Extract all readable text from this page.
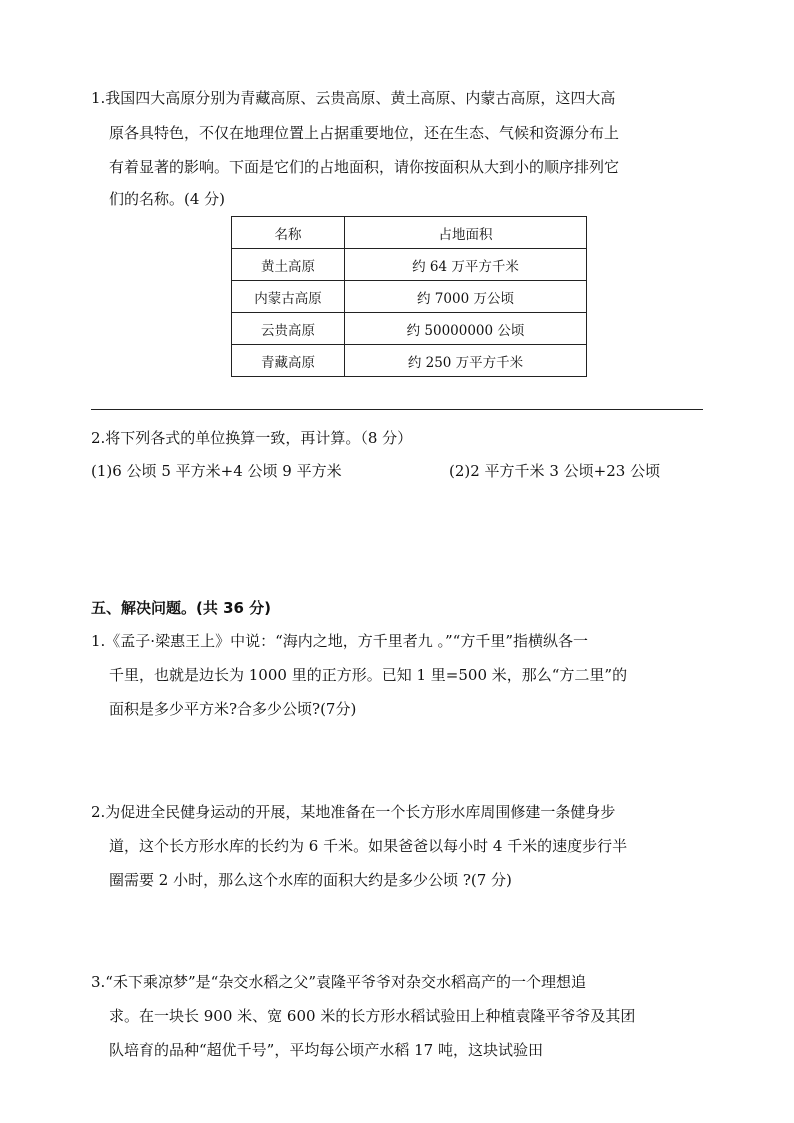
1.我国四大高原分别为青藏高原、云贵高原、黄土高原、内蒙古高原，这四大高
原各具特色，不仅在地理位置上占据重要地位，还在生态、气候和资源分布上
有着显著的影响。下面是它们的占地面积，请你按面积从大到小的顺序排列它
们的名称。(4 分)
名称	占地面积
黄土高原	约 64 万平方千米
内蒙古高原	约 7000 万公顷
云贵高原	约 50000000 公顷
青藏高原	约 250 万平方千米
2.将下列各式的单位换算一致，再计算。（8 分）
(1)6 公顷 5 平方米+4 公顷 9 平方米	(2)2 平方千米 3 公顷+23 公顷
五、解决问题。(共 36 分)
1.《孟子·梁惠王上》中说：“海内之地，方千里者九 。”“方千里”指横纵各一
千里，也就是边长为 1000 里的正方形。已知 1 里=500 米，那么“方二里”的
面积是多少平方米?合多少公顷?(7分)
2.为促进全民健身运动的开展，某地准备在一个长方形水库周围修建一条健身步
道，这个长方形水库的长约为 6 千米。如果爸爸以每小时 4 千米的速度步行半
圈需要 2 小时，那么这个水库的面积大约是多少公顷 ?(7 分)
3.“禾下乘凉梦”是“杂交水稻之父”袁隆平爷爷对杂交水稻高产的一个理想追
求。在一块长 900 米、宽 600 米的长方形水稻试验田上种植袁隆平爷爷及其团
队培育的品种“超优千号”，平均每公顷产水稻 17 吨，这块试验田
